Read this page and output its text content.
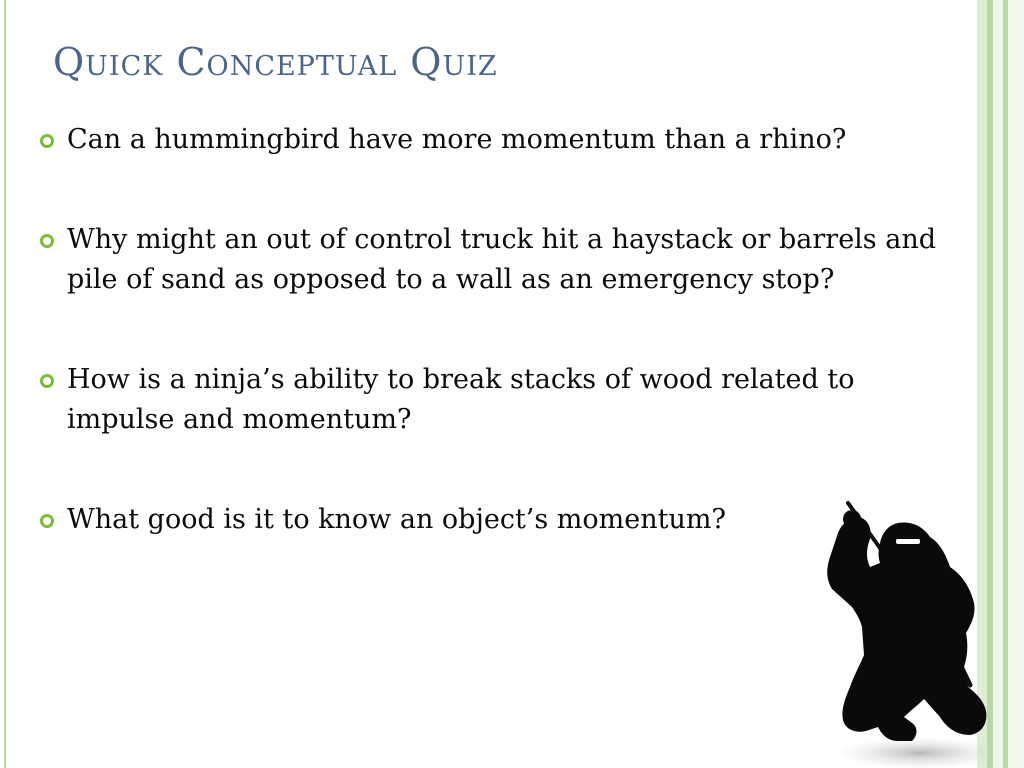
Quick Conceptual Quiz
Can a hummingbird have more momentum than a rhino?
Why might an out of control truck hit a haystack or barrels and pile of sand as opposed to a wall as an emergency stop?
How is a ninja’s ability to break stacks of wood related to impulse and momentum?
What good is it to know an object’s momentum?
